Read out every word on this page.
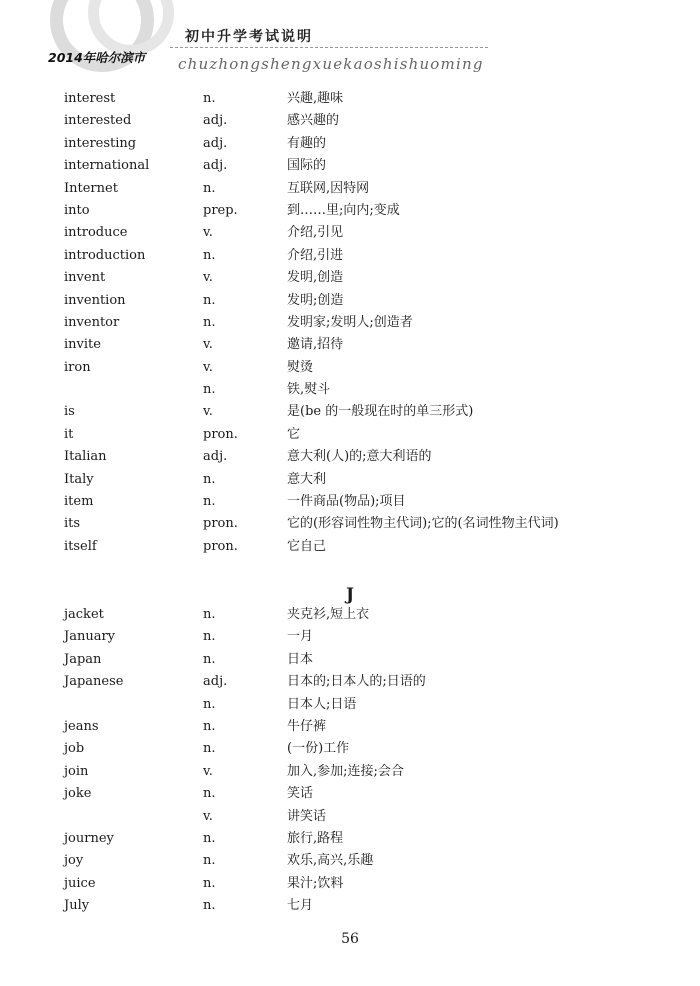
初中升学考试说明
2014年哈尔滨市 chuzhongshengxuekaoshishuoming
interest	n.	兴趣,趣味
interested	adj.	感兴趣的
interesting	adj.	有趣的
international	adj.	国际的
Internet	n.	互联网,因特网
into	prep.	到……里;向内;变成
introduce	v.	介绍,引见
introduction	n.	介绍,引进
invent	v.	发明,创造
invention	n.	发明;创造
inventor	n.	发明家;发明人;创造者
invite	v.	邀请,招待
iron	v.	熨烫
n.	铁,熨斗
is	v.	是(be 的一般现在时的单三形式)
it	pron.	它
Italian	adj.	意大利(人)的;意大利语的
Italy	n.	意大利
item	n.	一件商品(物品);项目
its	pron.	它的(形容词性物主代词);它的(名词性物主代词)
itself	pron.	它自己
J
jacket	n.	夹克衫,短上衣
January	n.	一月
Japan	n.	日本
Japanese	adj.	日本的;日本人的;日语的
n.	日本人;日语
jeans	n.	牛仔裤
job	n.	(一份)工作
join	v.	加入,参加;连接;会合
joke	n.	笑话
v.	讲笑话
journey	n.	旅行,路程
joy	n.	欢乐,高兴,乐趣
juice	n.	果汁;饮料
July	n.	七月
56
